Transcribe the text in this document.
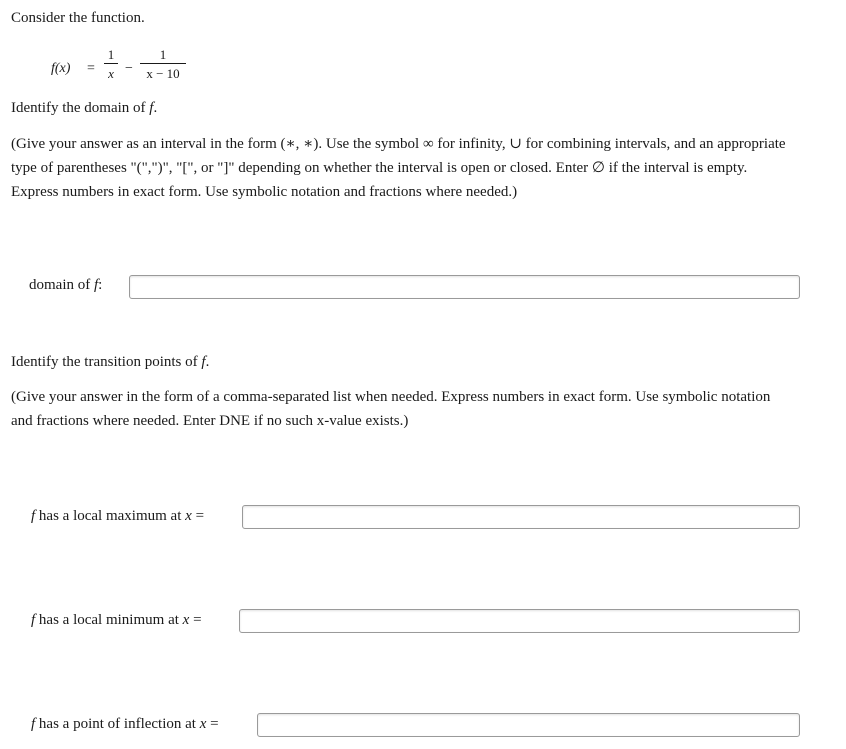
Consider the function.
f(x) =
1
x −
1
x − 10
Identify the domain of f.
(Give your answer as an interval in the form (∗, ∗). Use the symbol ∞ for infinity, ∪ for combining intervals, and an appropriate
type of parentheses "(",")", "[", or "]" depending on whether the interval is open or closed. Enter ∅ if the interval is empty.
Express numbers in exact form. Use symbolic notation and fractions where needed.)
domain of f:
Identify the transition points of f.
(Give your answer in the form of a comma-separated list when needed. Express numbers in exact form. Use symbolic notation
and fractions where needed. Enter DNE if no such x-value exists.)
f has a local maximum at x =
f has a local minimum at x =
f has a point of inflection at x =
